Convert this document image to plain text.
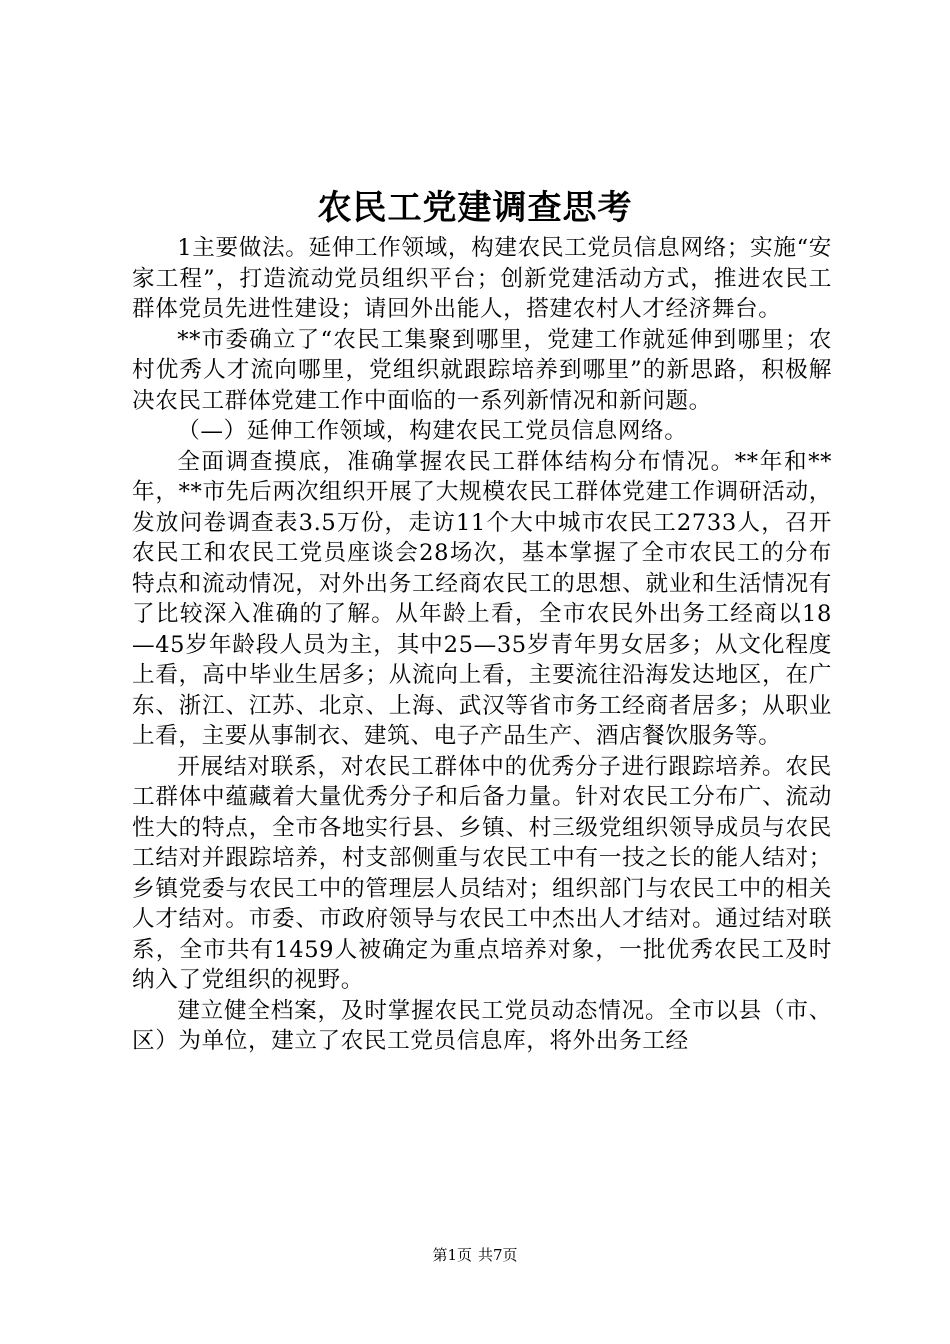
农民工党建调查思考

1主要做法。延伸工作领域，构建农民工党员信息网络；实施“安家工程”，打造流动党员组织平台；创新党建活动方式，推进农民工群体党员先进性建设；请回外出能人，搭建农村人才经济舞台。

**市委确立了“农民工集聚到哪里，党建工作就延伸到哪里；农村优秀人才流向哪里，党组织就跟踪培养到哪里”的新思路，积极解决农民工群体党建工作中面临的一系列新情况和新问题。

（—）延伸工作领域，构建农民工党员信息网络。

全面调查摸底，准确掌握农民工群体结构分布情况。**年和**年，**市先后两次组织开展了大规模农民工群体党建工作调研活动，发放问卷调查表3.5万份，走访11个大中城市农民工2733人，召开农民工和农民工党员座谈会28场次，基本掌握了全市农民工的分布特点和流动情况，对外出务工经商农民工的思想、就业和生活情况有了比较深入准确的了解。从年龄上看，全市农民外出务工经商以18—45岁年龄段人员为主，其中25—35岁青年男女居多；从文化程度上看，高中毕业生居多；从流向上看，主要流往沿海发达地区，在广东、浙江、江苏、北京、上海、武汉等省市务工经商者居多；从职业上看，主要从事制衣、建筑、电子产品生产、酒店餐饮服务等。

开展结对联系，对农民工群体中的优秀分子进行跟踪培养。农民工群体中蕴藏着大量优秀分子和后备力量。针对农民工分布广、流动性大的特点，全市各地实行县、乡镇、村三级党组织领导成员与农民工结对并跟踪培养，村支部侧重与农民工中有一技之长的能人结对；乡镇党委与农民工中的管理层人员结对；组织部门与农民工中的相关人才结对。市委、市政府领导与农民工中杰出人才结对。通过结对联系，全市共有1459人被确定为重点培养对象，一批优秀农民工及时纳入了党组织的视野。

建立健全档案，及时掌握农民工党员动态情况。全市以县（市、区）为单位，建立了农民工党员信息库，将外出务工经

第1页 共7页
